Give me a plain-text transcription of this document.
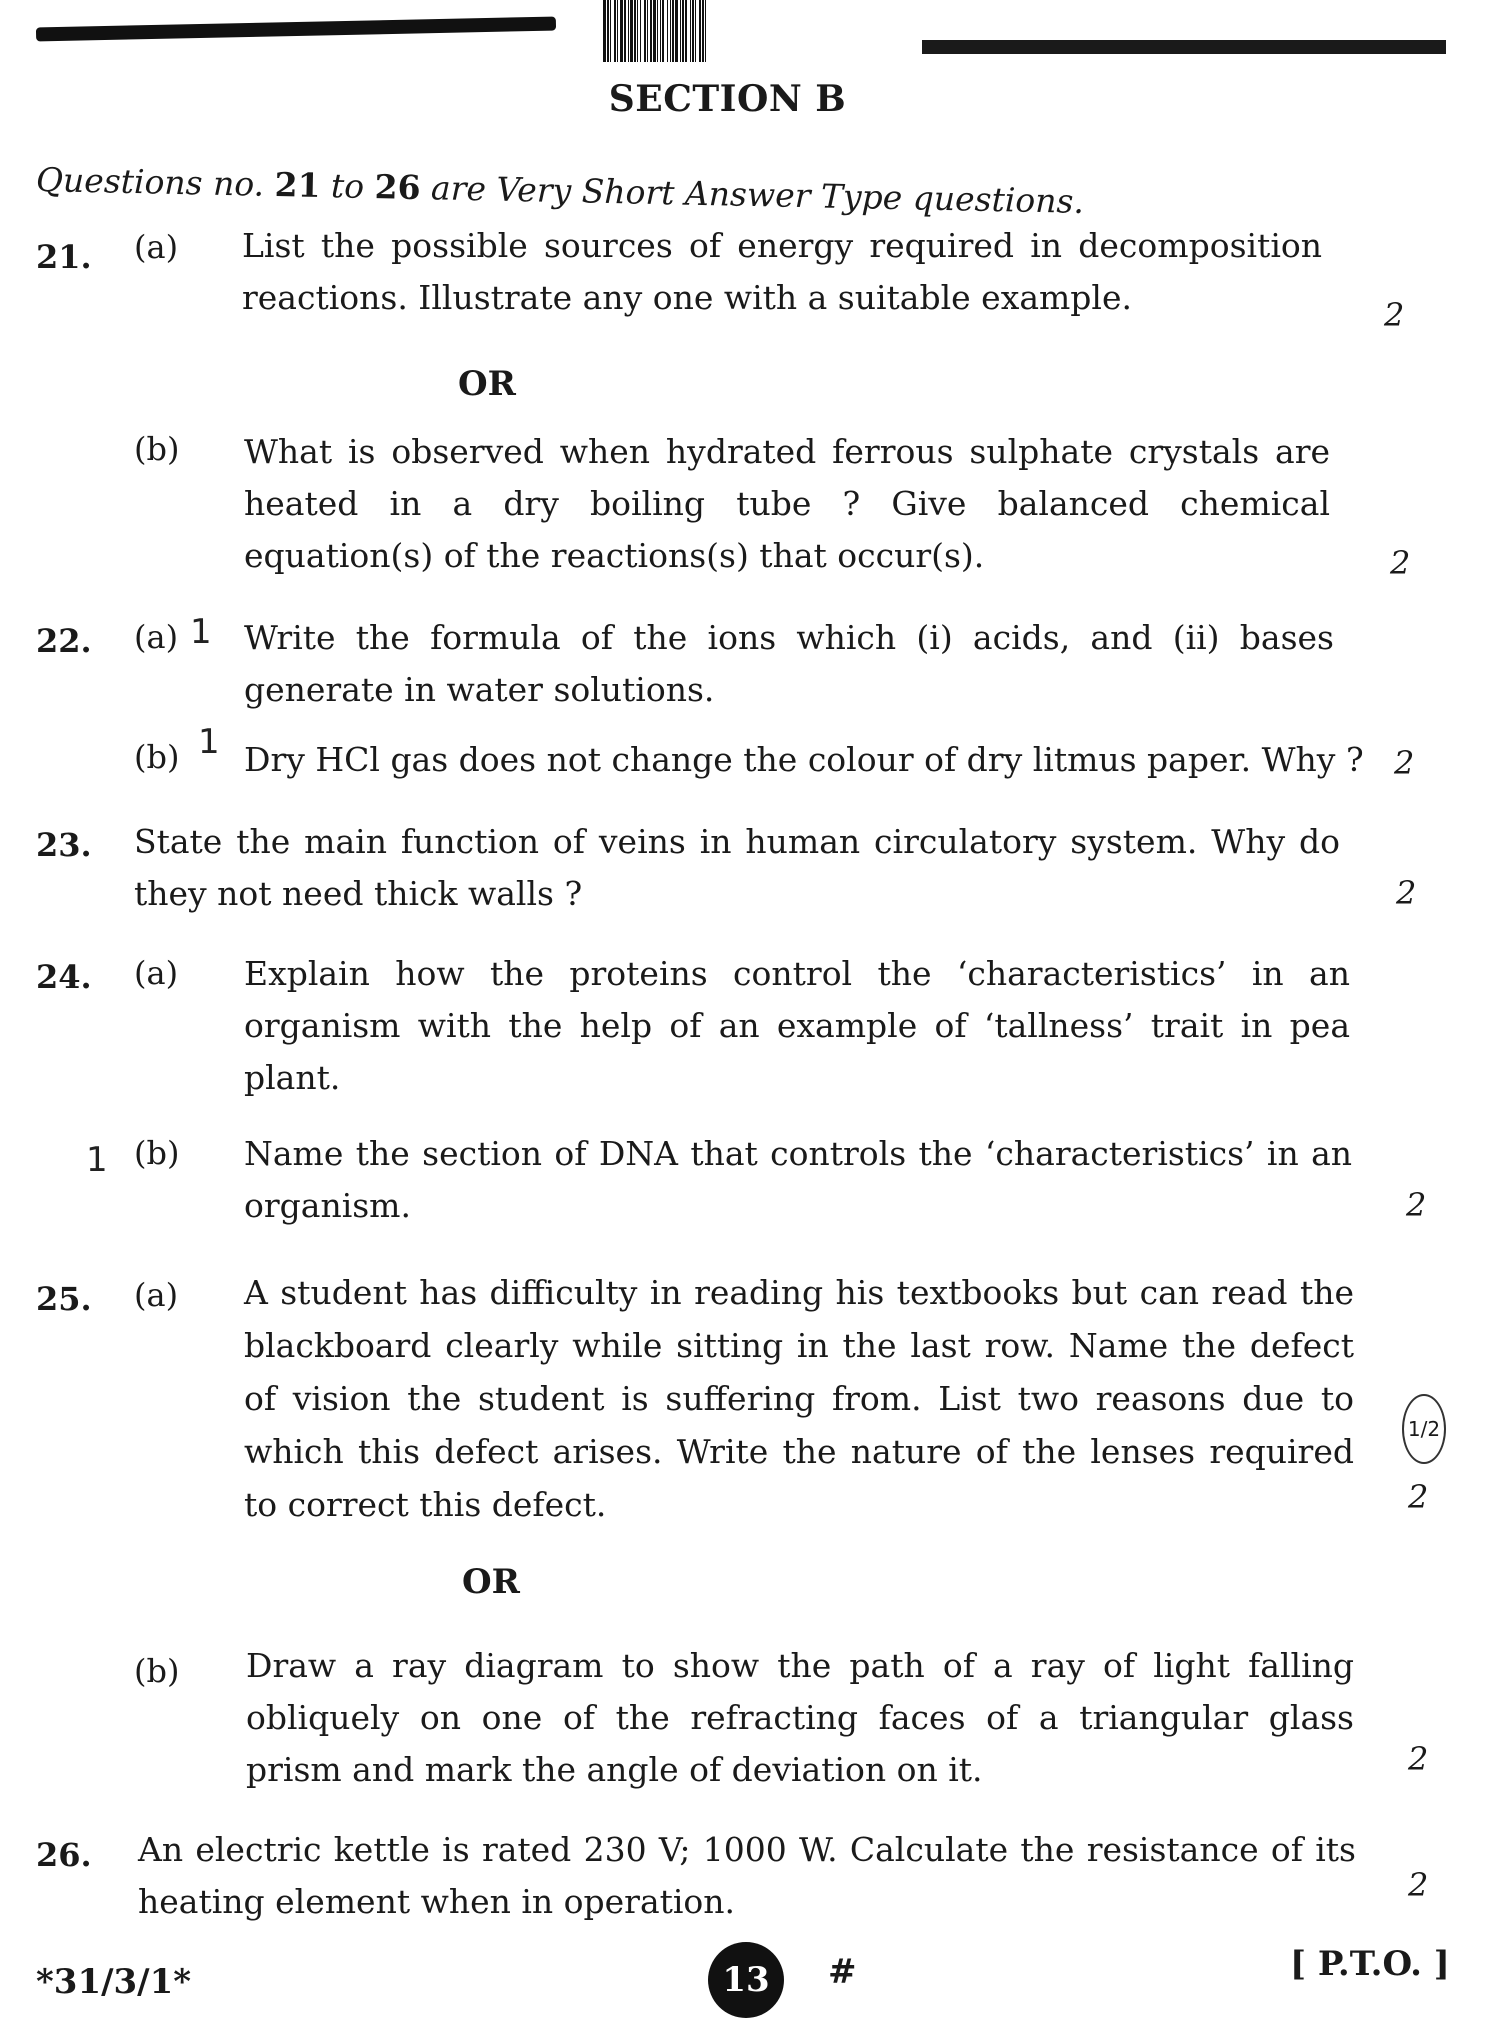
SECTION B
Questions no. 21 to 26 are Very Short Answer Type questions.
21. (a) List the possible sources of energy required in decomposition reactions. Illustrate any one with a suitable example.	2
OR
(b) What is observed when hydrated ferrous sulphate crystals are heated in a dry boiling tube ? Give balanced chemical equation(s) of the reactions(s) that occur(s).	2
22. (a) 1 Write the formula of the ions which (i) acids, and (ii) bases generate in water solutions.
(b) 1 Dry HCl gas does not change the colour of dry litmus paper. Why ? 2
23. State the main function of veins in human circulatory system. Why do they not need thick walls ?	2
24. (a) Explain how the proteins control the ‘characteristics’ in an organism with the help of an example of ‘tallness’ trait in pea plant.
1 (b) Name the section of DNA that controls the ‘characteristics’ in an organism.	2
25. (a) A student has difficulty in reading his textbooks but can read the blackboard clearly while sitting in the last row. Name the defect of vision the student is suffering from. List two reasons due to which this defect arises. Write the nature of the lenses required to correct this defect.
1/2
2
OR
(b) Draw a ray diagram to show the path of a ray of light falling obliquely on one of the refracting faces of a triangular glass prism and mark the angle of deviation on it.	2
26. An electric kettle is rated 230 V; 1000 W. Calculate the resistance of its heating element when in operation.	2
*31/3/1*	13	#	[ P.T.O. ]
